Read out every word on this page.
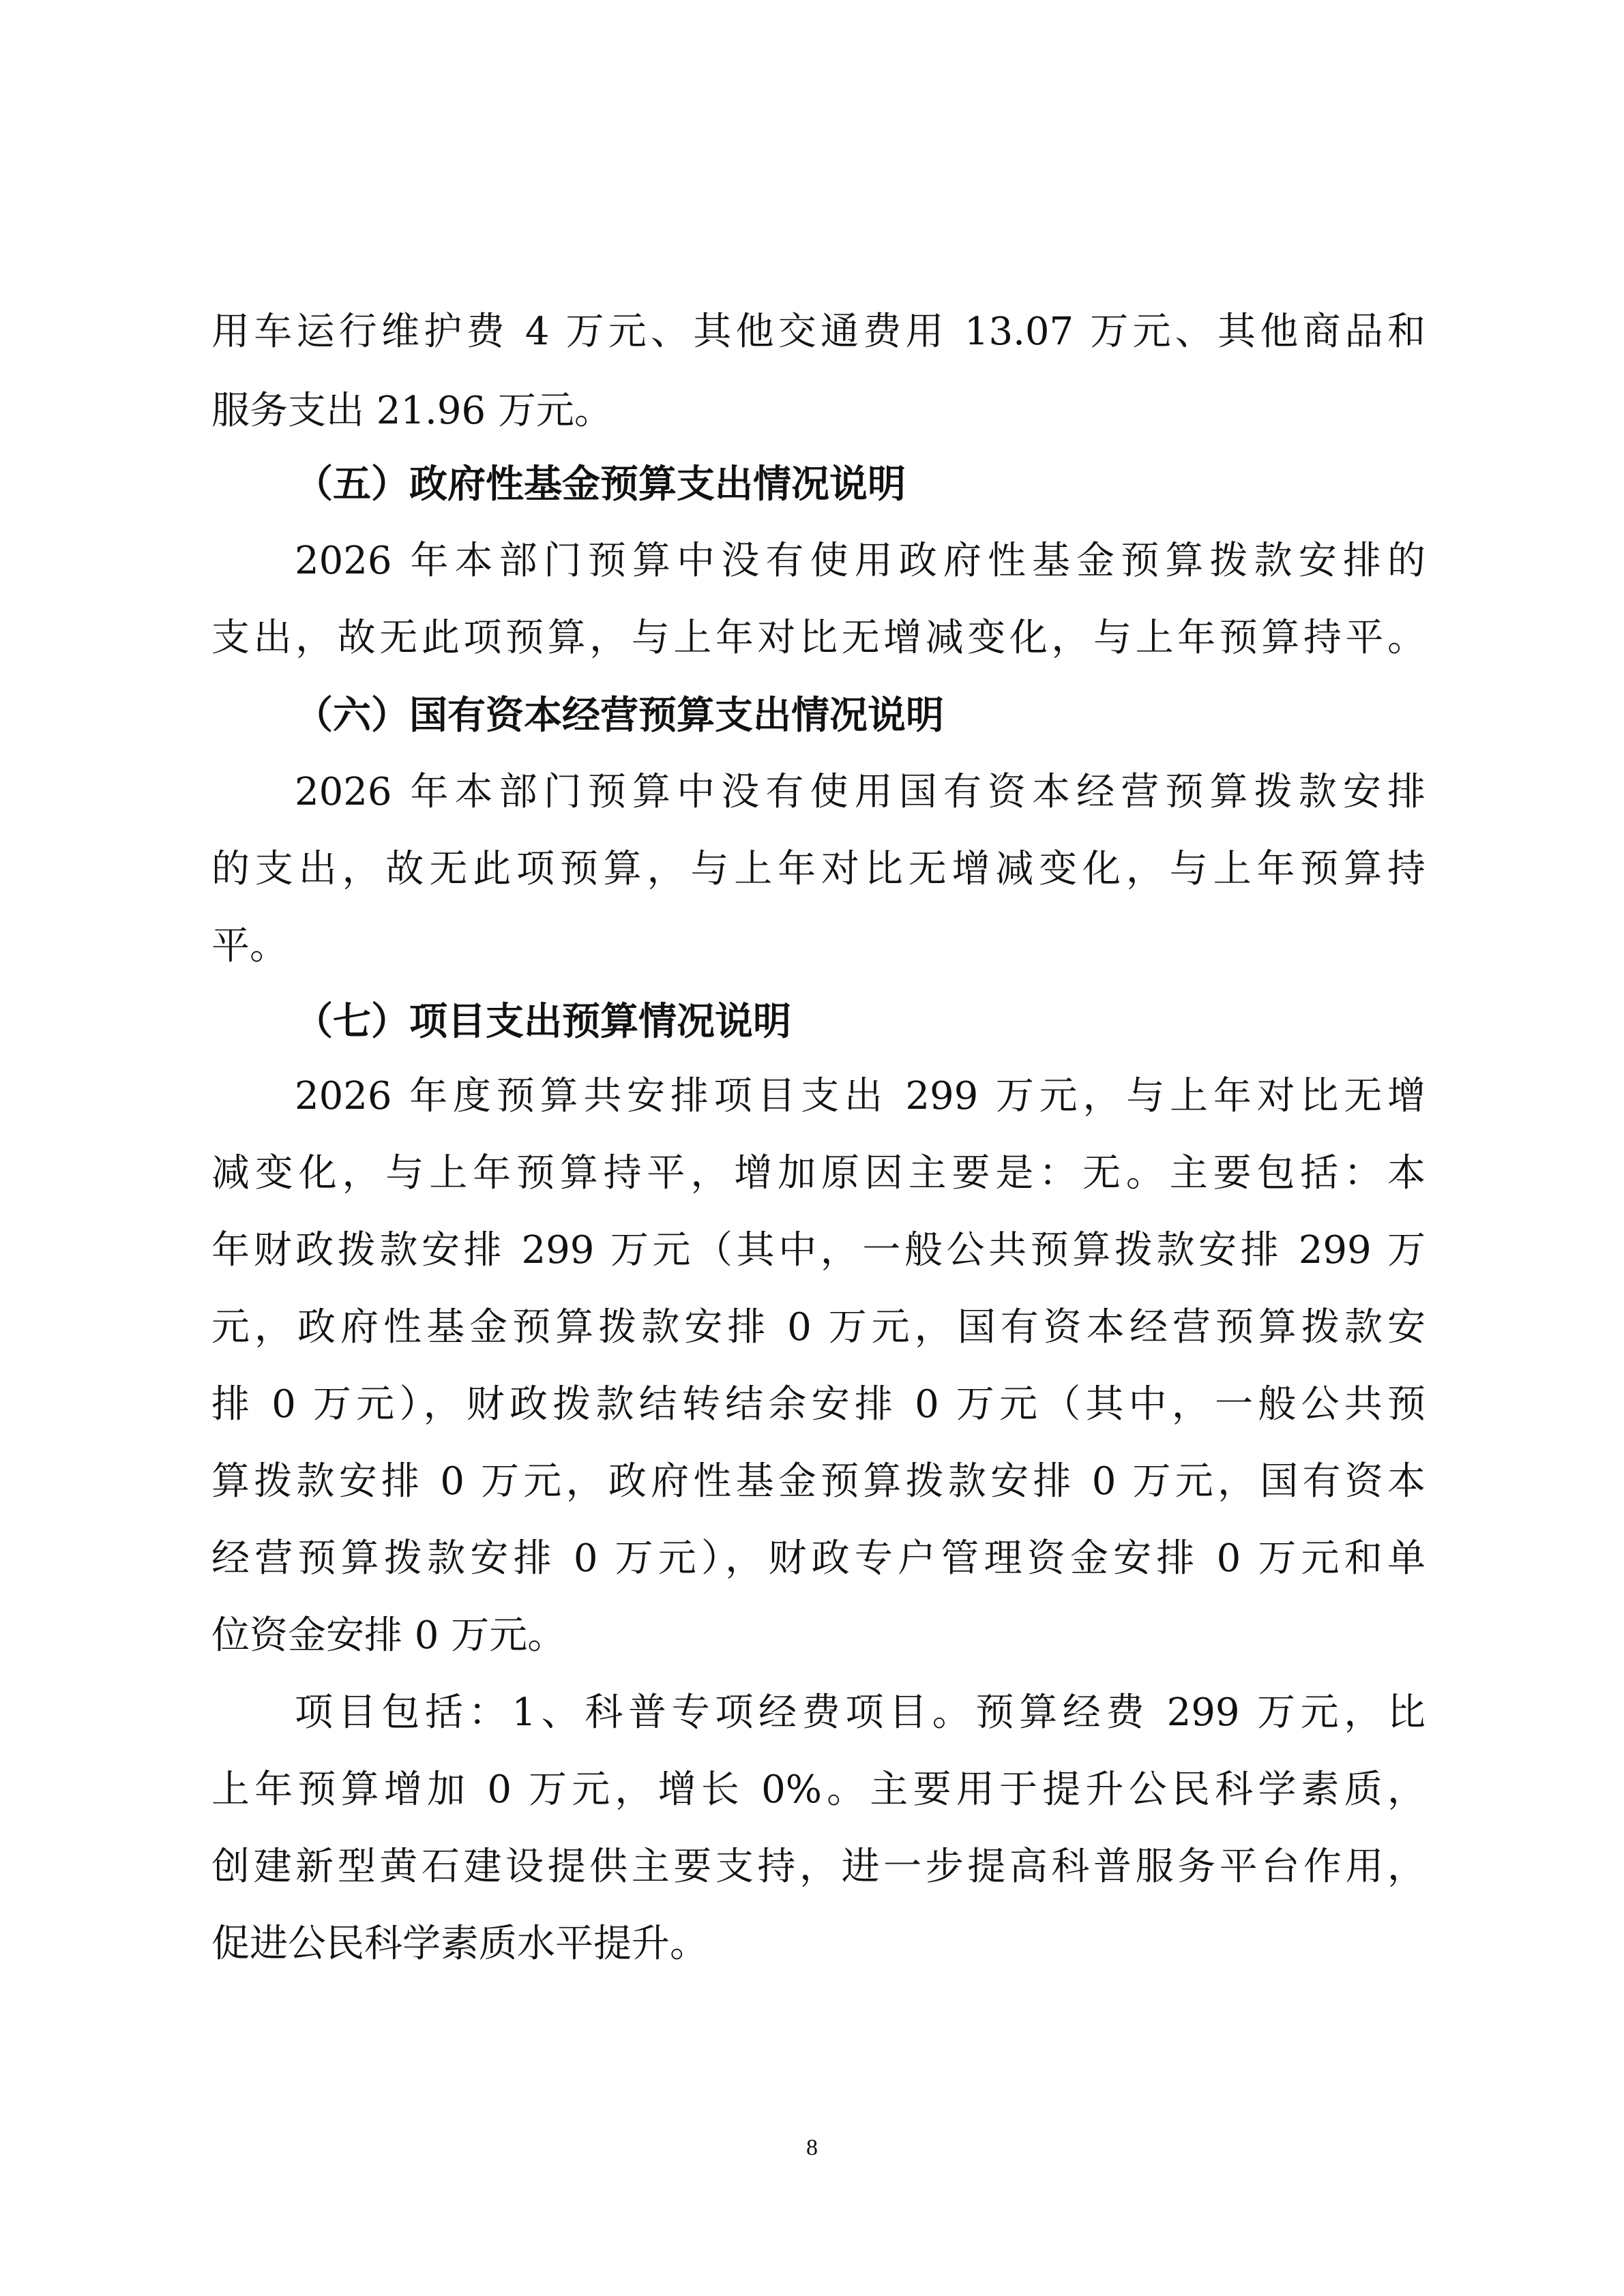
用车运行维护费 4 万元、其他交通费用 13.07 万元、其他商品和
服务支出 21.96 万元。
（五）政府性基金预算支出情况说明
2026 年本部门预算中没有使用政府性基金预算拨款安排的
支出，故无此项预算，与上年对比无增减变化，与上年预算持平。
（六）国有资本经营预算支出情况说明
2026 年本部门预算中没有使用国有资本经营预算拨款安排
的支出，故无此项预算，与上年对比无增减变化，与上年预算持
平。
（七）项目支出预算情况说明
2026 年度预算共安排项目支出 299 万元，与上年对比无增
减变化，与上年预算持平，增加原因主要是：无。主要包括：本
年财政拨款安排 299 万元（其中，一般公共预算拨款安排 299 万
元，政府性基金预算拨款安排 0 万元，国有资本经营预算拨款安
排 0 万元），财政拨款结转结余安排 0 万元（其中，一般公共预
算拨款安排 0 万元，政府性基金预算拨款安排 0 万元，国有资本
经营预算拨款安排 0 万元），财政专户管理资金安排 0 万元和单
位资金安排 0 万元。
项目包括：1、科普专项经费项目。预算经费 299 万元，比
上年预算增加 0 万元，增长 0%。主要用于提升公民科学素质，
创建新型黄石建设提供主要支持，进一步提高科普服务平台作用，
促进公民科学素质水平提升。
8
